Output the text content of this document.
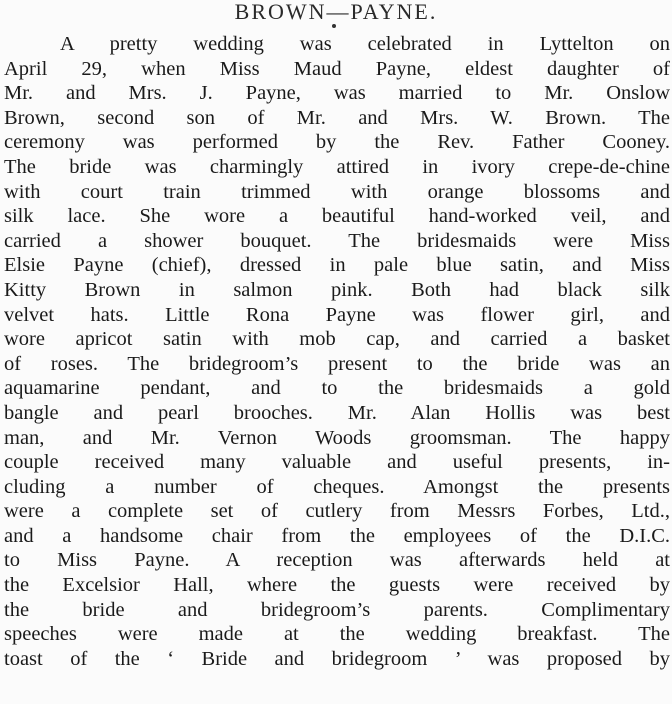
BROWN—PAYNE.
A pretty wedding was celebrated in Lyttelton on
April 29, when Miss Maud Payne, eldest daughter of
Mr. and Mrs. J. Payne, was married to Mr. Onslow
Brown, second son of Mr. and Mrs. W. Brown. The
ceremony was performed by the Rev. Father Cooney.
The bride was charmingly attired in ivory crepe-de-chine
with court train trimmed with orange blossoms and
silk lace. She wore a beautiful hand-worked veil, and
carried a shower bouquet. The bridesmaids were Miss
Elsie Payne (chief), dressed in pale blue satin, and Miss
Kitty Brown in salmon pink. Both had black silk
velvet hats. Little Rona Payne was flower girl, and
wore apricot satin with mob cap, and carried a basket
of roses. The bridegroom’s present to the bride was an
aquamarine pendant, and to the bridesmaids a gold
bangle and pearl brooches. Mr. Alan Hollis was best
man, and Mr. Vernon Woods groomsman. The happy
couple received many valuable and useful presents, in-
cluding a number of cheques. Amongst the presents
were a complete set of cutlery from Messrs Forbes, Ltd.,
and a handsome chair from the employees of the D.I.C.
to Miss Payne. A reception was afterwards held at
the Excelsior Hall, where the guests were received by
the bride and bridegroom’s parents. Complimentary
speeches were made at the wedding breakfast. The
toast of the ‘ Bride and bridegroom ’ was proposed by
